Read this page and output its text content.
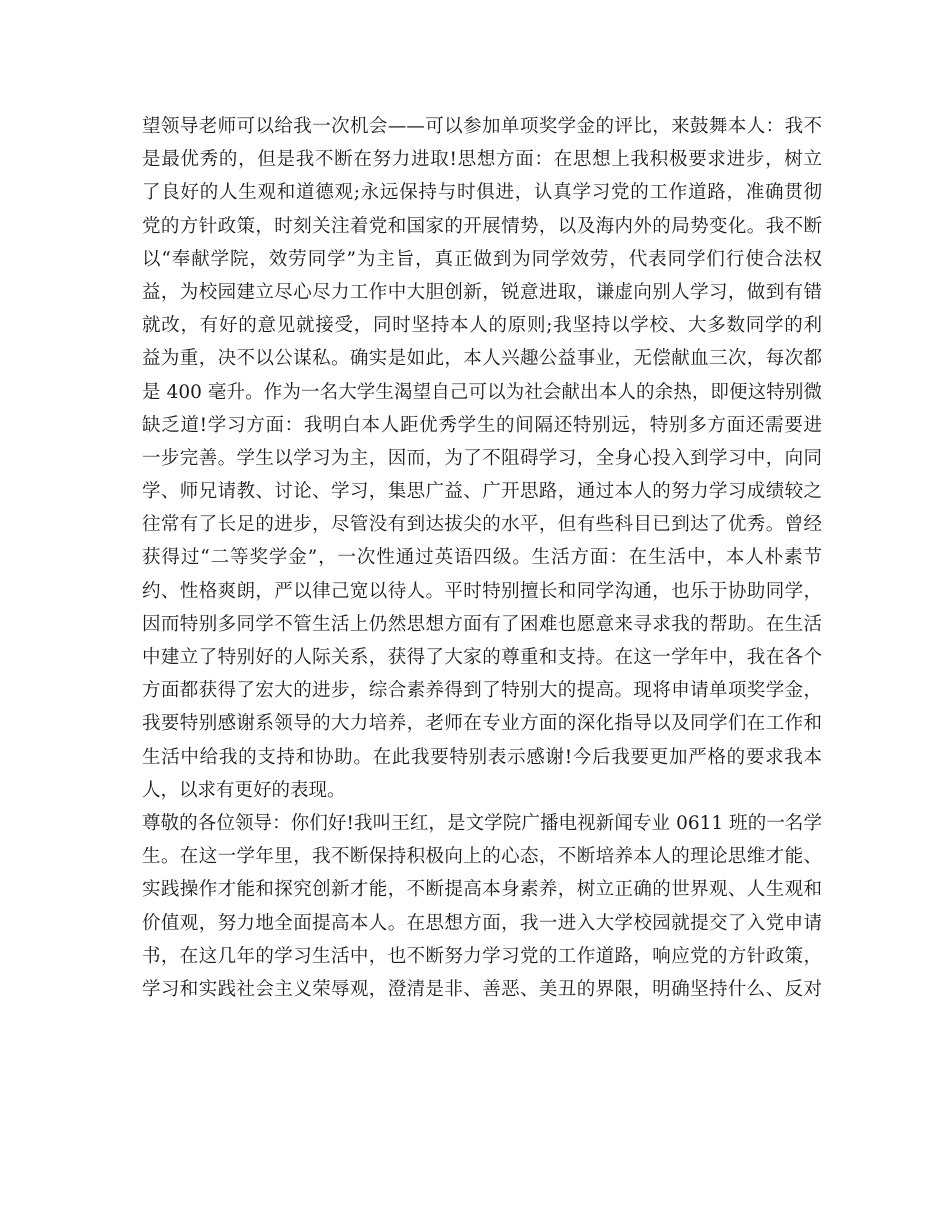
望领导老师可以给我一次机会——可以参加单项奖学金的评比，来鼓舞本人：我不
是最优秀的，但是我不断在努力进取!思想方面：在思想上我积极要求进步，树立
了良好的人生观和道德观;永远保持与时俱进，认真学习党的工作道路，准确贯彻
党的方针政策，时刻关注着党和国家的开展情势，以及海内外的局势变化。我不断
以“奉献学院，效劳同学”为主旨，真正做到为同学效劳，代表同学们行使合法权
益，为校园建立尽心尽力工作中大胆创新，锐意进取，谦虚向别人学习，做到有错
就改，有好的意见就接受，同时坚持本人的原则;我坚持以学校、大多数同学的利
益为重，决不以公谋私。确实是如此，本人兴趣公益事业，无偿献血三次，每次都
是 400 毫升。作为一名大学生渴望自己可以为社会献出本人的余热，即便这特别微
缺乏道!学习方面：我明白本人距优秀学生的间隔还特别远，特别多方面还需要进
一步完善。学生以学习为主，因而，为了不阻碍学习，全身心投入到学习中，向同
学、师兄请教、讨论、学习，集思广益、广开思路，通过本人的努力学习成绩较之
往常有了长足的进步，尽管没有到达拔尖的水平，但有些科目已到达了优秀。曾经
获得过“二等奖学金”，一次性通过英语四级。生活方面：在生活中，本人朴素节
约、性格爽朗，严以律己宽以待人。平时特别擅长和同学沟通，也乐于协助同学，
因而特别多同学不管生活上仍然思想方面有了困难也愿意来寻求我的帮助。在生活
中建立了特别好的人际关系，获得了大家的尊重和支持。在这一学年中，我在各个
方面都获得了宏大的进步，综合素养得到了特别大的提高。现将申请单项奖学金，
我要特别感谢系领导的大力培养，老师在专业方面的深化指导以及同学们在工作和
生活中给我的支持和协助。在此我要特别表示感谢!今后我要更加严格的要求我本
人，以求有更好的表现。
尊敬的各位领导：你们好!我叫王红，是文学院广播电视新闻专业 0611 班的一名学
生。在这一学年里，我不断保持积极向上的心态，不断培养本人的理论思维才能、
实践操作才能和探究创新才能，不断提高本身素养，树立正确的世界观、人生观和
价值观，努力地全面提高本人。在思想方面，我一进入大学校园就提交了入党申请
书，在这几年的学习生活中，也不断努力学习党的工作道路，响应党的方针政策，
学习和实践社会主义荣辱观，澄清是非、善恶、美丑的界限，明确坚持什么、反对
